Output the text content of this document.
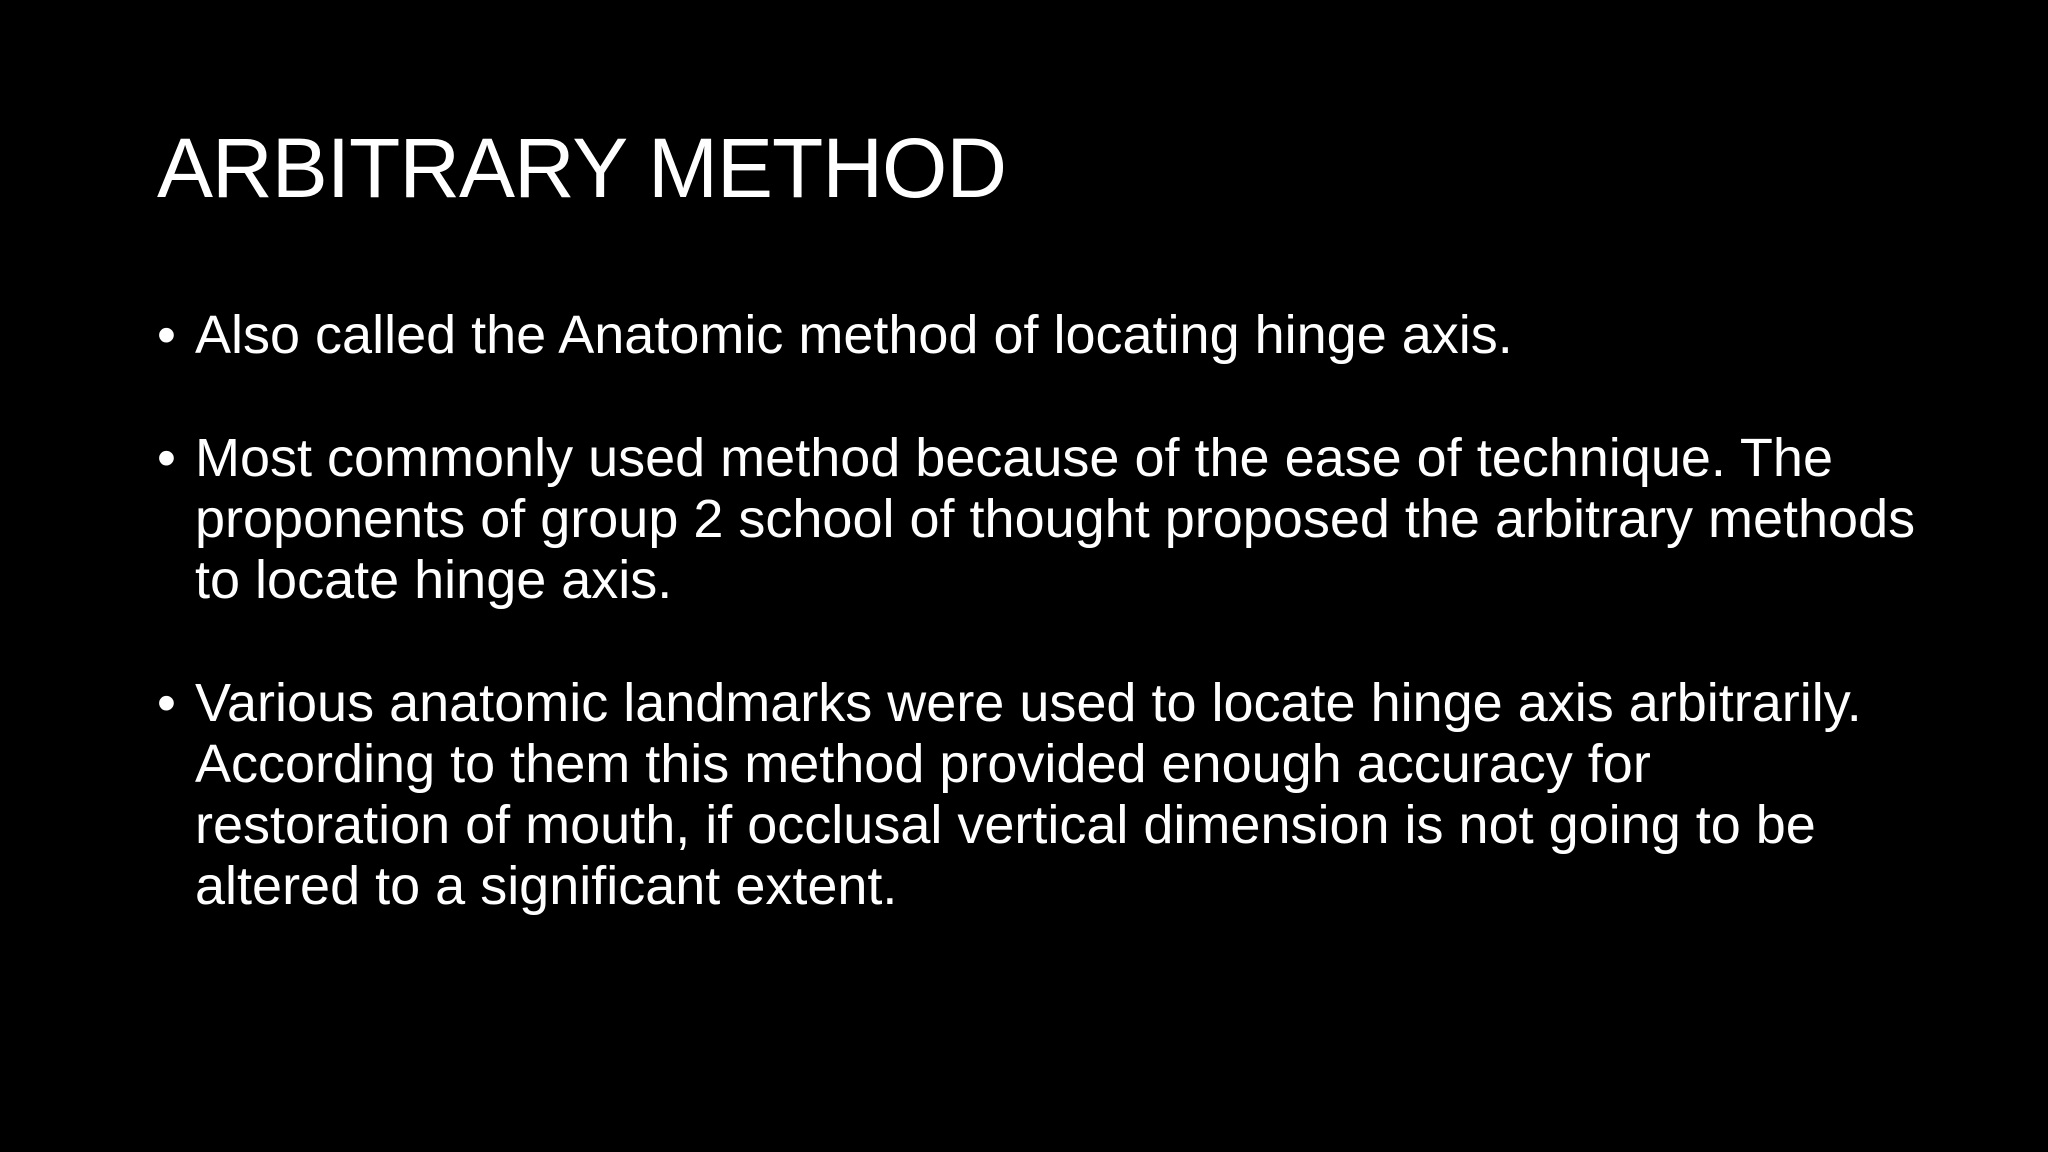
ARBITRARY METHOD
• Also called the Anatomic method of locating hinge axis.
• Most commonly used method because of the ease of technique. The proponents of group 2 school of thought proposed the arbitrary methods to locate hinge axis.
• Various anatomic landmarks were used to locate hinge axis arbitrarily. According to them this method provided enough accuracy for restoration of mouth, if occlusal vertical dimension is not going to be altered to a significant extent.
